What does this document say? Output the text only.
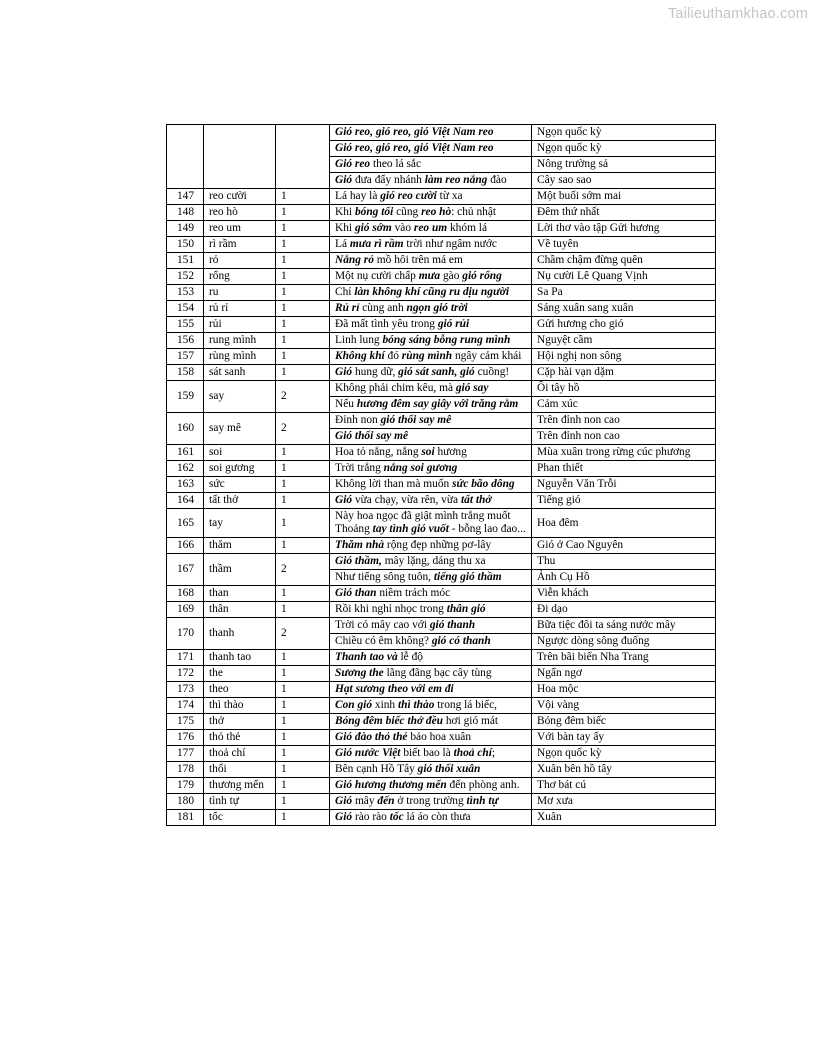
Tailieuthamkhao.com
			Gió reo, gió reo, gió Việt Nam reo	Ngọn quốc kỳ
			Gió reo, gió reo, gió Việt Nam reo	Ngọn quốc kỳ
			Gió reo theo lá sắc	Nông trường sả
			Gió đưa đẩy nhánh làm reo nắng đào	Cây sao sao
147	reo cười	1	Lá hay là gió reo cười từ xa	Một buổi sớm mai
148	reo hò	1	Khi bóng tối cũng reo hò: chủ nhật	Đêm thứ nhất
149	reo um	1	Khi gió sớm vào reo um khóm lá	Lời thơ vào tập Gửi hương
150	rì rầm	1	Lá mưa rì rầm trời như ngâm nước	Về tuyên
151	rỏ	1	Nắng rỏ mồ hôi trên má em	Chầm chậm đừng quên
152	rổng	1	Một nụ cười chấp mưa gào gió rổng	Nụ cười Lê Quang Vịnh
153	ru	1	Chỉ làn không khí cũng ru dịu người	Sa Pa
154	rủ rỉ	1	Rủ rỉ cùng anh ngọn gió trời	Sáng xuân sang xuân
155	rủi	1	Đã mất tình yêu trong gió rủi	Gửi hương cho gió
156	rung mình	1	Linh lung bóng sáng bỗng rung mình	Nguyệt cầm
157	rùng mình	1	Không khí đó rùng mình ngây cảm khái	Hội nghị non sông
158	sát sanh	1	Gió hung dữ, gió sát sanh, gió cuồng!	Cặp hài vạn dặm
159	say	2	Không phải chim kêu, mà gió say	Ôi tây hồ
			Nếu hương đêm say giây với trăng rằm	Cảm xúc
160	say mê	2	Đỉnh non gió thổi say mê	Trên đỉnh non cao
			Gió thổi say mê	Trên đỉnh non cao
161	soi	1	Hoa tỏ nắng, nắng soi hương	Mùa xuân trong rừng cúc phương
162	soi gương	1	Trời trắng nắng soi gương	Phan thiết
163	sức	1	Không lời than mà muốn sức bão dông	Nguyễn Văn Trỗi
164	tất thở	1	Gió vừa chạy, vừa rên, vừa tất thở	Tiếng gió
165	tay	1	Này hoa ngọc đã giật mình trắng muốt
Thoảng tay tình gió vuốt - bỗng lao đao...	Hoa đêm
166	thăm	1	Thăm nhà rộng đẹp những pơ-lây	Gió ở Cao Nguyên
167	thầm	2	Gió thầm, mây lặng, dáng thu xa	Thu
			Như tiếng sông tuôn, tiếng gió thầm	Ảnh Cụ Hồ
168	than	1	Gió than niềm trách móc	Viễn khách
169	thân	1	Rồi khi nghỉ nhọc trong thân gió	Đi dạo
170	thanh	2	Trời có mây cao với gió thanh	Bữa tiệc đôi ta sáng nước mây
			Chiều có êm không? gió có thanh	Ngược dòng sông đuống
171	thanh tao	1	Thanh tao và lễ độ	Trên bãi biển Nha Trang
172	the	1	Sương the lãng đãng bạc cây tùng	Ngẩn ngơ
173	theo	1	Hạt sương theo với em đi	Hoa mộc
174	thì thào	1	Con gió xinh thì thào trong lá biếc,	Vội vàng
175	thở	1	Bóng đêm biếc thở đều hơi gió mát	Bóng đêm biếc
176	thỏ thẻ	1	Gió đào thỏ thẻ bảo hoa xuân	Với bàn tay ấy
177	thoả chí	1	Gió nước Việt biết bao là thoả chí;	Ngọn quốc kỳ
178	thổi	1	Bên cạnh Hồ Tây gió thổi xuân	Xuân bên hồ tây
179	thương mến	1	Gió hương thương mến đến phòng anh.	Thơ bát cú
180	tình tự	1	Gió mây đến ở trong trường tình tự	Mơ xưa
181	tốc	1	Gió rào rào tốc lá áo còn thưa	Xuân
